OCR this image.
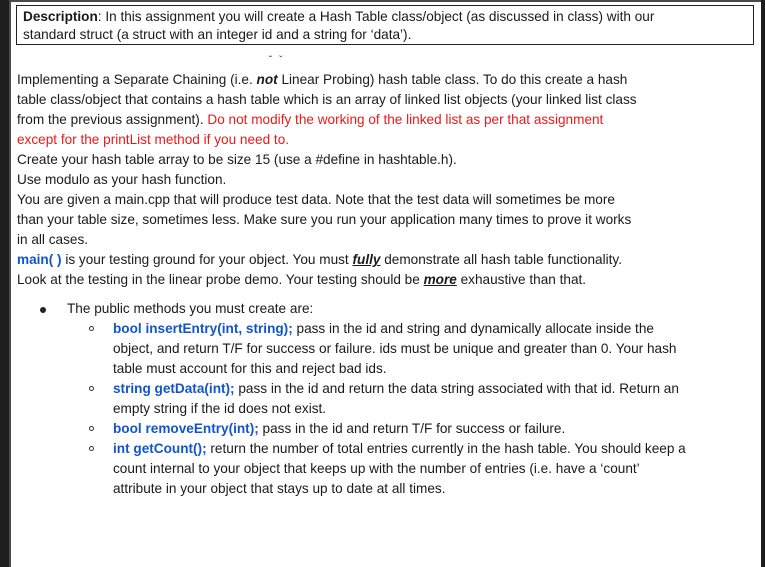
Description: In this assignment you will create a Hash Table class/object (as discussed in class) with our
standard struct (a struct with an integer id and a string for ‘data’).
˘ ˇ
Implementing a Separate Chaining (i.e. not Linear Probing) hash table class. To do this create a hash
table class/object that contains a hash table which is an array of linked list objects (your linked list class
from the previous assignment). Do not modify the working of the linked list as per that assignment
except for the printList method if you need to.
Create your hash table array to be size 15 (use a #define in hashtable.h).
Use modulo as your hash function.
You are given a main.cpp that will produce test data. Note that the test data will sometimes be more
than your table size, sometimes less. Make sure you run your application many times to prove it works
in all cases.
main( ) is your testing ground for your object. You must fully demonstrate all hash table functionality.
Look at the testing in the linear probe demo. Your testing should be more exhaustive than that.
The public methods you must create are:
bool insertEntry(int, string); pass in the id and string and dynamically allocate inside the
object, and return T/F for success or failure. ids must be unique and greater than 0. Your hash
table must account for this and reject bad ids.
string getData(int); pass in the id and return the data string associated with that id. Return an
empty string if the id does not exist.
bool removeEntry(int); pass in the id and return T/F for success or failure.
int getCount(); return the number of total entries currently in the hash table. You should keep a
count internal to your object that keeps up with the number of entries (i.e. have a ‘count’
attribute in your object that stays up to date at all times.
